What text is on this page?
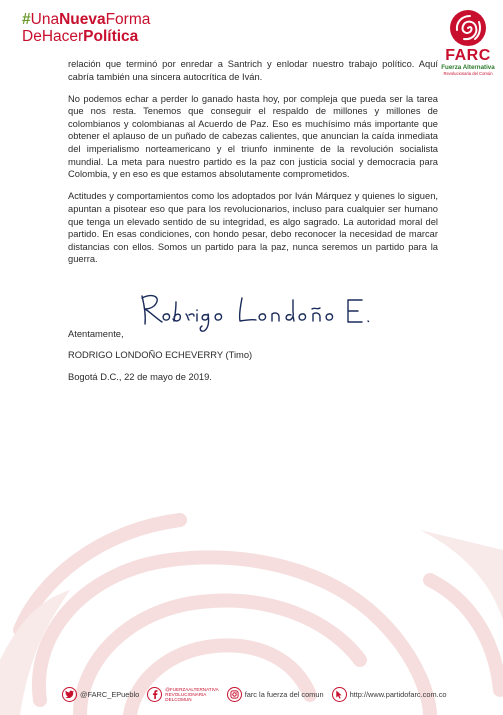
#UnaNuevaForma
DeHacerPolítica
FARC
Fuerza Alternativa
Revolucionaria del Común

relación que terminó por enredar a Santrich y enlodar nuestro trabajo político. Aquí cabría también una sincera autocrítica de Iván.

No podemos echar a perder lo ganado hasta hoy, por compleja que pueda ser la tarea que nos resta. Tenemos que conseguir el respaldo de millones y millones de colombianos y colombianas al Acuerdo de Paz. Eso es muchísimo más importante que obtener el aplauso de un puñado de cabezas calientes, que anuncian la caída inmediata del imperialismo norteamericano y el triunfo inminente de la revolución socialista mundial. La meta para nuestro partido es la paz con justicia social y democracia para Colombia, y en eso es que estamos absolutamente comprometidos.

Actitudes y comportamientos como los adoptados por Iván Márquez y quienes lo siguen, apuntan a pisotear eso que para los revolucionarios, incluso para cualquier ser humano que tenga un elevado sentido de su integridad, es algo sagrado. La autoridad moral del partido. En esas condiciones, con hondo pesar, debo reconocer la necesidad de marcar distancias con ellos. Somos un partido para la paz, nunca seremos un partido para la guerra.

Atentamente,
RODRIGO LONDOÑO ECHEVERRY (Timo)
Bogotá D.C., 22 de mayo de 2019.
@FARC_EPueblo
@FUERZAALTERNATIVA
REVOLUCIONARIA
DELCOMUN
farc la fuerza del comun	http://www.partidofarc.com.co
